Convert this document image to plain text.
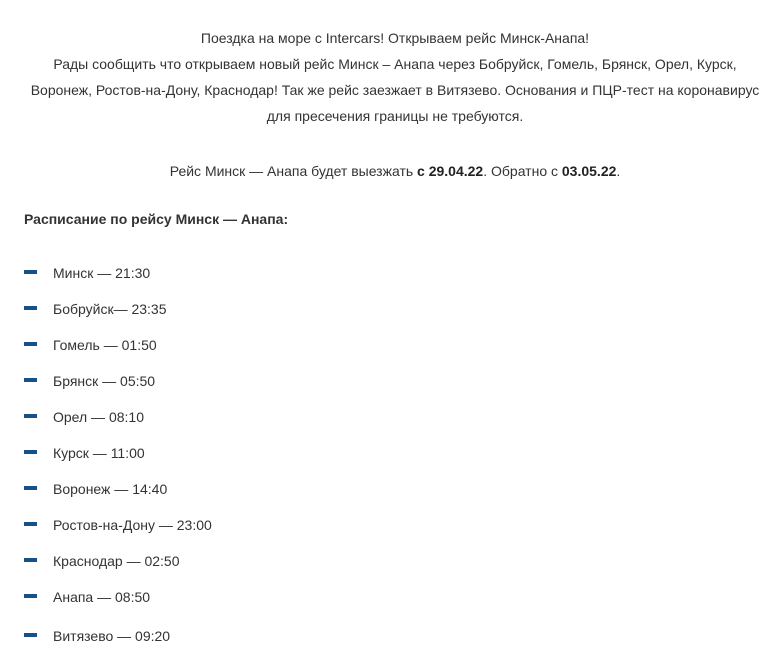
Поездка на море с Intercars! Открываем рейс Минск-Анапа!

Рады сообщить что открываем новый рейс Минск – Анапа через Бобруйск, Гомель, Брянск, Орел, Курск,

Воронеж, Ростов-на-Дону, Краснодар! Так же рейс заезжает в Витязево. Основания и ПЦР-тест на коронавирус

для пресечения границы не требуются.

Рейс Минск — Анапа будет выезжать с 29.04.22. Обратно с 03.05.22.
Расписание по рейсу Минск — Анапа:
Минск — 21:30
Бобруйск— 23:35
Гомель — 01:50
Брянск — 05:50
Орел — 08:10
Курск — 11:00
Воронеж — 14:40
Ростов-на-Дону — 23:00
Краснодар — 02:50
Анапа — 08:50
Витязево — 09:20
